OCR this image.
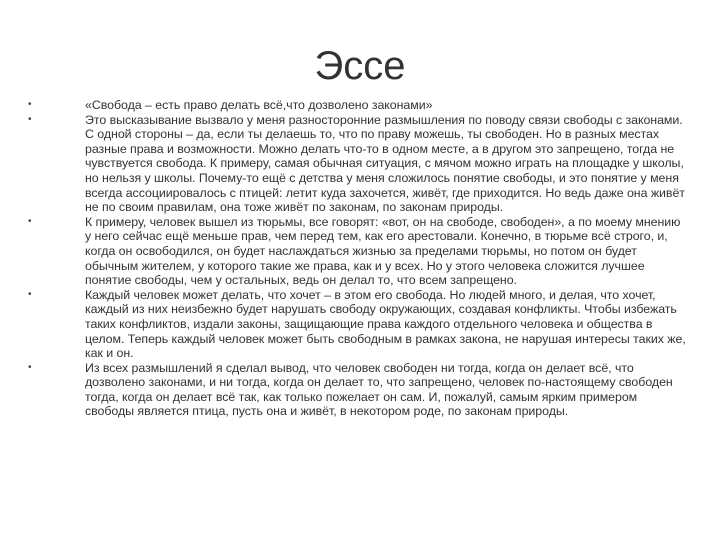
Эссе
•	«Свобода – есть право делать всё,что дозволено законами»
•	Это высказывание вызвало у меня разносторонние размышления по поводу связи свободы с законами. С одной стороны – да, если ты делаешь то, что по праву можешь, ты свободен. Но в разных местах разные права и возможности. Можно делать что-то в одном месте, а в другом это запрещено, тогда не чувствуется свобода. К примеру, самая обычная ситуация, с мячом можно играть на площадке у школы, но нельзя у школы. Почему-то ещё с детства у меня сложилось понятие свободы, и это понятие у меня всегда ассоциировалось с птицей: летит куда захочется, живёт, где приходится. Но ведь даже она живёт не по своим правилам, она тоже живёт по законам, по законам природы.
•	К примеру, человек вышел из тюрьмы, все говорят: «вот, он на свободе, свободен», а по моему мнению у него сейчас ещё меньше прав, чем перед тем, как его арестовали. Конечно, в тюрьме всё строго, и, когда он освободился, он будет наслаждаться жизнью за пределами тюрьмы, но потом он будет обычным жителем, у которого такие же права, как и у всех. Но у этого человека сложится лучшее понятие свободы, чем у остальных, ведь он делал то, что всем запрещено.
•	Каждый человек может делать, что хочет – в этом его свобода. Но людей много, и делая, что хочет, каждый из них неизбежно будет нарушать свободу окружающих, создавая конфликты. Чтобы избежать таких конфликтов, издали законы, защищающие права каждого отдельного человека и общества в целом. Теперь каждый человек может быть свободным в рамках закона, не нарушая интересы таких же, как и он.
•	Из всех размышлений я сделал вывод, что человек свободен ни тогда, когда он делает всё, что дозволено законами, и ни тогда, когда он делает то, что запрещено, человек по-настоящему свободен тогда, когда он делает всё так, как только пожелает он сам. И, пожалуй, самым ярким примером свободы является птица, пусть она и живёт, в некотором роде, по законам природы.
